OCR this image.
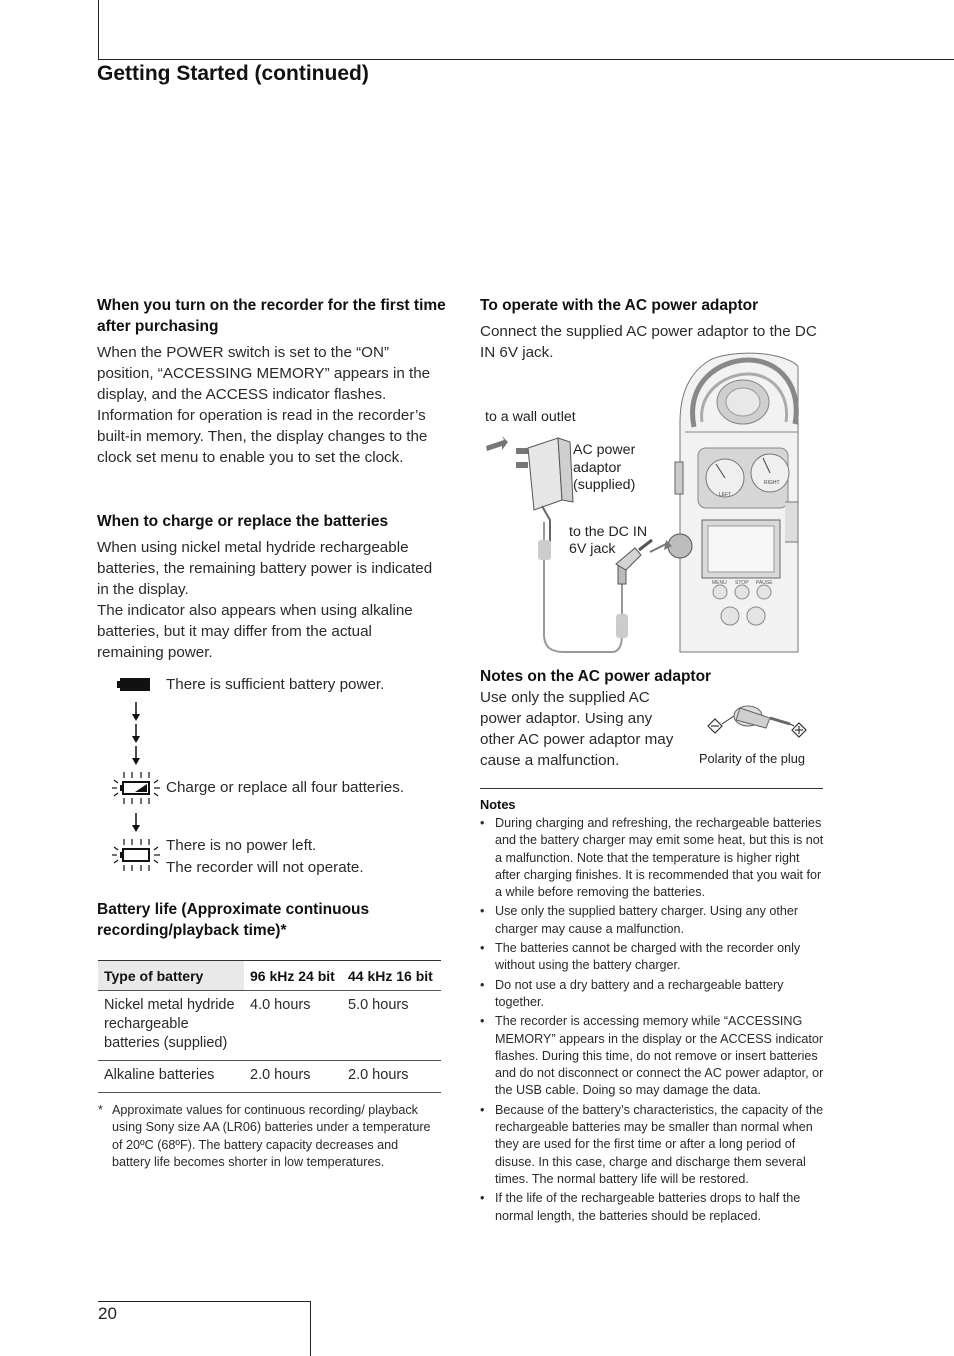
Getting Started (continued)
When you turn on the recorder for the first time after purchasing
When the POWER switch is set to the “ON” position, “ACCESSING MEMORY” appears in the display, and the ACCESS indicator flashes. Information for operation is read in the recorder’s built-in memory. Then, the display changes to the clock set menu to enable you to set the clock.
When to charge or replace the batteries
When using nickel metal hydride rechargeable batteries, the remaining battery power is indicated in the display.
The indicator also appears when using alkaline batteries, but it may differ from the actual remaining power.
There is sufficient battery power.
Charge or replace all four batteries.
There is no power left.
The recorder will not operate.
Battery life (Approximate continuous recording/playback time)*
Type of battery	96 kHz 24 bit	44 kHz 16 bit

Nickel metal hydride
rechargeable
batteries (supplied)	4.0 hours	5.0 hours
Alkaline batteries	2.0 hours	2.0 hours
* Approximate values for continuous recording/ playback using Sony size AA (LR06) batteries under a temperature of 20ºC (68ºF). The battery capacity decreases and battery life becomes shorter in low temperatures.
To operate with the AC power adaptor
Connect the supplied AC power adaptor to the DC IN 6V jack.
LEFT
RIGHT
MENU STOP PAUSE
to a wall outlet
AC power
adaptor
(supplied)
to the DC IN
6V jack
Notes on the AC power adaptor
Use only the supplied AC power adaptor. Using any other AC power adaptor may cause a malfunction.	Polarity of the plug
Notes
• During charging and refreshing, the rechargeable batteries and the battery charger may emit some heat, but this is not a malfunction. Note that the temperature is higher right after charging finishes. It is recommended that you wait for a while before removing the batteries.
• Use only the supplied battery charger. Using any other charger may cause a malfunction.
• The batteries cannot be charged with the recorder only without using the battery charger.
• Do not use a dry battery and a rechargeable battery together.
• The recorder is accessing memory while “ACCESSING MEMORY” appears in the display or the ACCESS indicator flashes. During this time, do not remove or insert batteries and do not disconnect or connect the AC power adaptor, or the USB cable. Doing so may damage the data.
• Because of the battery’s characteristics, the capacity of the rechargeable batteries may be smaller than normal when they are used for the first time or after a long period of disuse. In this case, charge and discharge them several times. The normal battery life will be restored.
• If the life of the rechargeable batteries drops to half the normal length, the batteries should be replaced.
20
